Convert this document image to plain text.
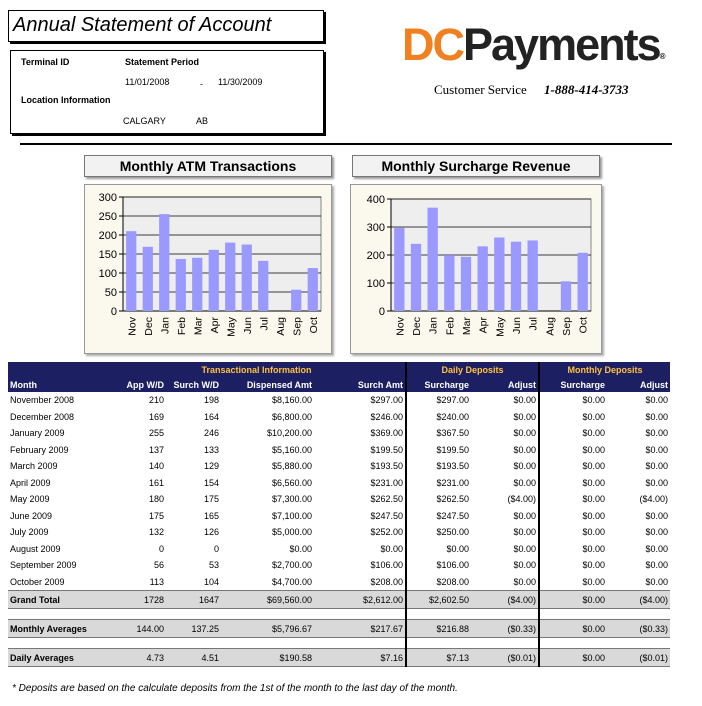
Annual Statement of Account
Terminal ID	Statement Period
11/01/2008	- 11/30/2009
Location Information
CALGARY	AB
DCPayments®
Customer Service 1-888-414-3733
Monthly ATM Transactions
0
50
100
150
200
250
300
Nov Dec Jan Feb Mar Apr May Jun Jul Aug Sep Oct
Monthly Surcharge Revenue
0
100
200
300
400
Nov Dec Jan Feb Mar Apr May Jun Jul Aug Sep Oct
	Transactional Information				Daily Deposits		Monthly Deposits	
Month	App W/D	Surch W/D	Dispensed Amt	Surch Amt	Surcharge	Adjust	Surcharge	Adjust
November 2008	210	198	$8,160.00	$297.00	$297.00	$0.00	$0.00	$0.00
December 2008	169	164	$6,800.00	$246.00	$240.00	$0.00	$0.00	$0.00
January 2009	255	246	$10,200.00	$369.00	$367.50	$0.00	$0.00	$0.00
February 2009	137	133	$5,160.00	$199.50	$199.50	$0.00	$0.00	$0.00
March 2009	140	129	$5,880.00	$193.50	$193.50	$0.00	$0.00	$0.00
April 2009	161	154	$6,560.00	$231.00	$231.00	$0.00	$0.00	$0.00
May 2009	180	175	$7,300.00	$262.50	$262.50	($4.00)	$0.00	($4.00)
June 2009	175	165	$7,100.00	$247.50	$247.50	$0.00	$0.00	$0.00
July 2009	132	126	$5,000.00	$252.00	$250.00	$0.00	$0.00	$0.00
August 2009	0	0	$0.00	$0.00	$0.00	$0.00	$0.00	$0.00
September 2009	56	53	$2,700.00	$106.00	$106.00	$0.00	$0.00	$0.00
October 2009	113	104	$4,700.00	$208.00	$208.00	$0.00	$0.00	$0.00
Grand Total	1728	1647	$69,560.00	$2,612.00	$2,602.50	($4.00)	$0.00	($4.00)

Monthly Averages	144.00	137.25	$5,796.67	$217.67	$216.88	($0.33)	$0.00	($0.33)

Daily Averages	4.73	4.51	$190.58	$7.16	$7.13	($0.01)	$0.00	($0.01)
* Deposits are based on the calculate deposits from the 1st of the month to the last day of the month.
